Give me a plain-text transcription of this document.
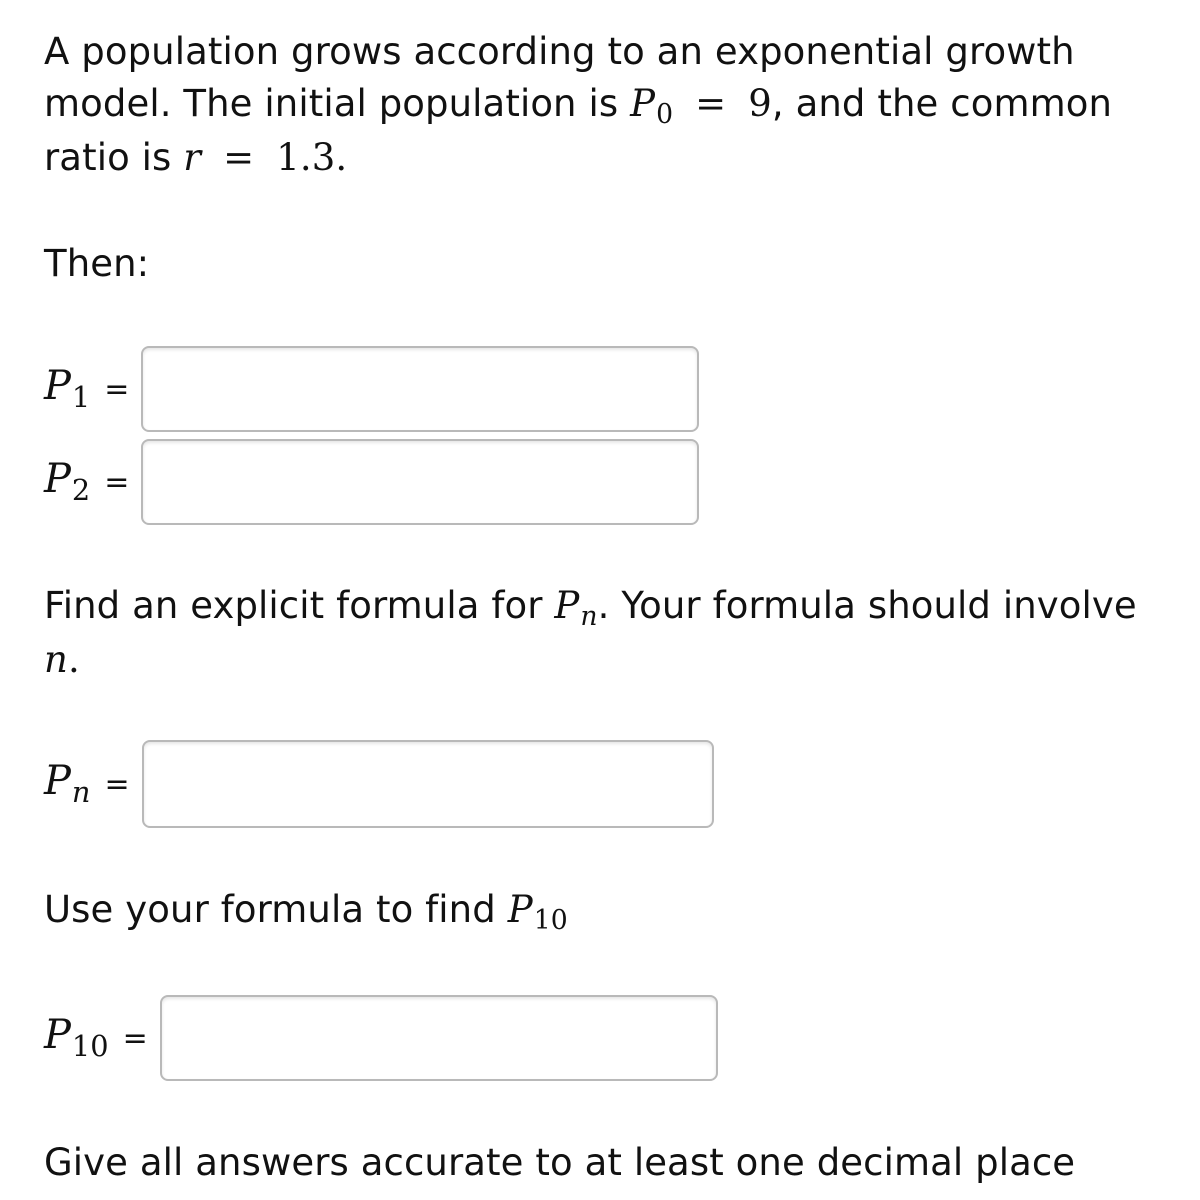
A population grows according to an exponential growth
model. The initial population is $P_0 = 9$, and the common
ratio is r = 1.3.
Then:
$P_1$ =
$P_2$ =
Find an explicit formula for $P_n$. Your formula should involve
n.
$P_n$ =
Use your formula to find $P_{10}$
$P_{10}$ =
Give all answers accurate to at least one decimal place
